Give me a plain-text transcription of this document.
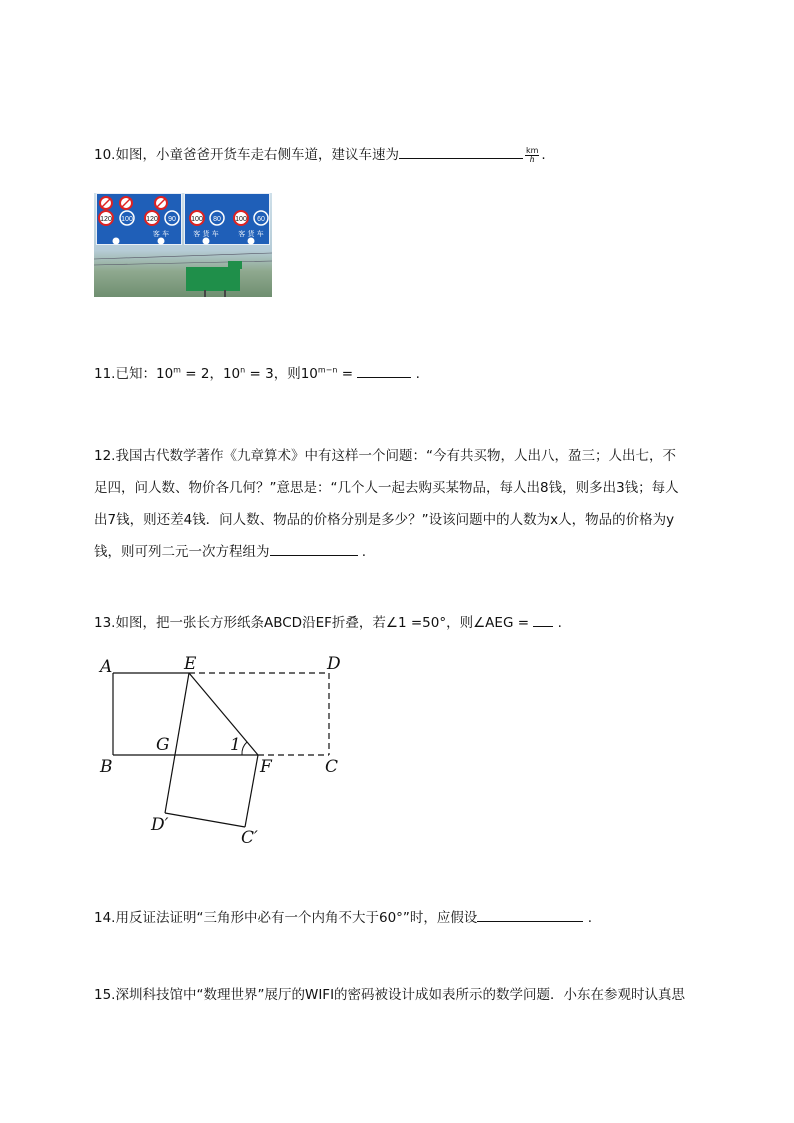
10.如图，小童爸爸开货车走右侧车道，建议车速为	$\frac{km}{h}$ .
120 100 120 90 100 80 100 60
客 车	客 货 车	客 货 车
11.已知：$10^m = 2$，$10^n = 3$，则$10^{m-n}$ =	.
12.我国古代数学著作《九章算术》中有这样一个问题：“今有共买物，人出八，盈三；人出七，不
足四，问人数、物价各几何？”意思是：“几个人一起去购买某物品，每人出8钱，则多出3钱；每人
出7钱，则还差4钱．问人数、物品的价格分别是多少？”设该问题中的人数为x人，物品的价格为y
钱，则可列二元一次方程组为	.
13.如图，把一张长方形纸条ABCD沿EF折叠，若∠1 =50°，则∠AEG = .
A	E	D
B
G	1
F	C
D′
C′
14.用反证法证明“三角形中必有一个内角不大于60°”时，应假设	.
15.深圳科技馆中“数理世界”展厅的WIFI的密码被设计成如表所示的数学问题．小东在参观时认真思
